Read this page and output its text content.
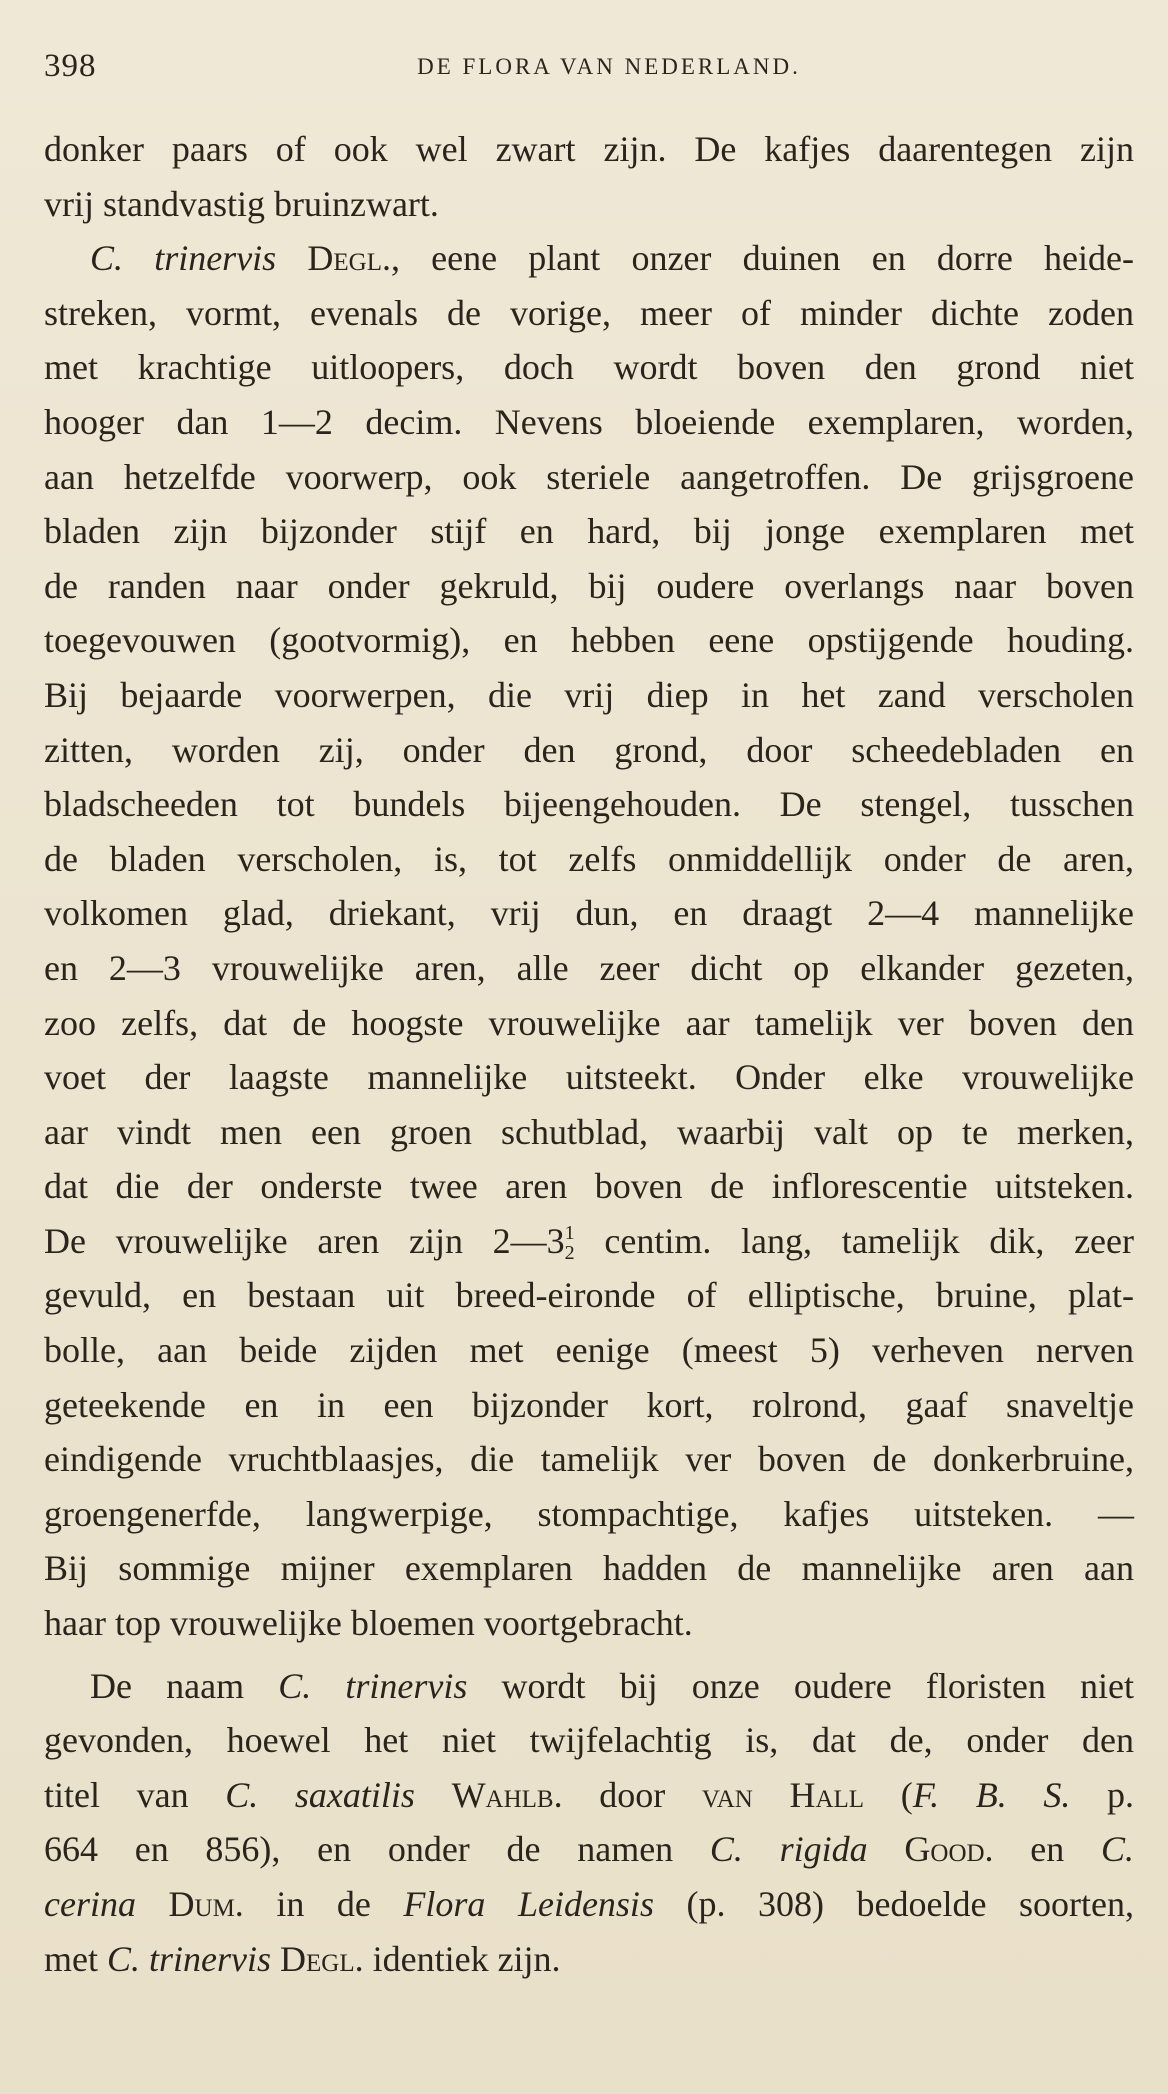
398	DE FLORA VAN NEDERLAND.
donker paars of ook wel zwart zijn. De kafjes daarentegen zijn
vrij standvastig bruinzwart.
C. trinervis Degl., eene plant onzer duinen en dorre heide-
streken, vormt, evenals de vorige, meer of minder dichte zoden
met krachtige uitloopers, doch wordt boven den grond niet
hooger dan 1—2 decim. Nevens bloeiende exemplaren, worden,
aan hetzelfde voorwerp, ook steriele aangetroffen. De grijsgroene
bladen zijn bijzonder stijf en hard, bij jonge exemplaren met
de randen naar onder gekruld, bij oudere overlangs naar boven
toegevouwen (gootvormig), en hebben eene opstijgende houding.
Bij bejaarde voorwerpen, die vrij diep in het zand verscholen
zitten, worden zij, onder den grond, door scheedebladen en
bladscheeden tot bundels bijeengehouden. De stengel, tusschen
de bladen verscholen, is, tot zelfs onmiddellijk onder de aren,
volkomen glad, driekant, vrij dun, en draagt 2—4 mannelijke
en 2—3 vrouwelijke aren, alle zeer dicht op elkander gezeten,
zoo zelfs, dat de hoogste vrouwelijke aar tamelijk ver boven den
voet der laagste mannelijke uitsteekt. Onder elke vrouwelijke
aar vindt men een groen schutblad, waarbij valt op te merken,
dat die der onderste twee aren boven de inflorescentie uitsteken.
De vrouwelijke aren zijn 2—3 1
2 centim. lang, tamelijk dik, zeer
gevuld, en bestaan uit breed-eironde of elliptische, bruine, plat-
bolle, aan beide zijden met eenige (meest 5) verheven nerven
geteekende en in een bijzonder kort, rolrond, gaaf snaveltje
eindigende vruchtblaasjes, die tamelijk ver boven de donkerbruine,
groengenerfde, langwerpige, stompachtige, kafjes uitsteken. —
Bij sommige mijner exemplaren hadden de mannelijke aren aan
haar top vrouwelijke bloemen voortgebracht.
De naam C. trinervis wordt bij onze oudere floristen niet
gevonden, hoewel het niet twijfelachtig is, dat de, onder den
titel van C. saxatilis Wahlb. door van Hall (F. B. S. p.
664 en 856), en onder de namen C. rigida Good. en C.
cerina Dum. in de Flora Leidensis (p. 308) bedoelde soorten,
met C. trinervis Degl. identiek zijn.
